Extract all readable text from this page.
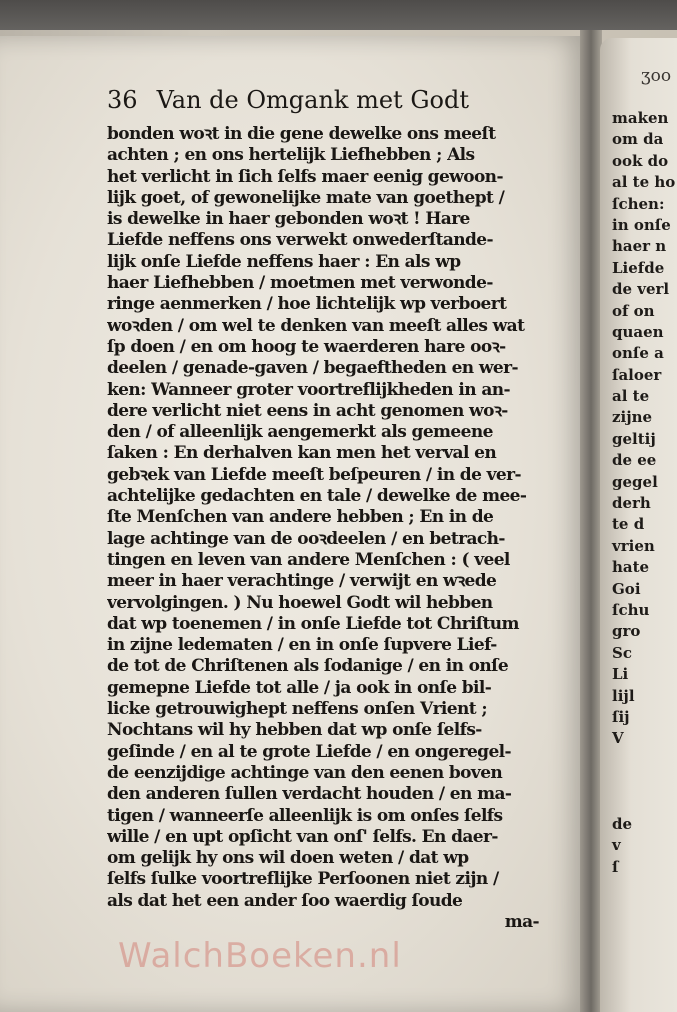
36 Van de Omgank met Godt
bonden woꝛt in die gene dewelke ons meeſt
achten ; en ons hertelijk Liefhebben ; Als
het verlicht in ſich ſelfs maer eenig gewoon-
lijk goet, of gewonelijke mate van goethept /
is dewelke in haer gebonden woꝛt ! Hare
Liefde neffens ons verwekt onwederſtande-
lijk onſe Liefde neffens haer : En als wp
haer Liefhebben / moetmen met verwonde-
ringe aenmerken / hoe lichtelijk wp verboert
woꝛden / om wel te denken van meeſt alles wat
ſp doen / en om hoog te waerderen hare ooꝛ-
deelen / genade-gaven / begaeftheden en wer-
ken: Wanneer groter voortreflijkheden in an-
dere verlicht niet eens in acht genomen woꝛ-
den / of alleenlijk aengemerkt als gemeene
ſaken : En derhalven kan men het verval en
gebꝛek van Liefde meeſt beſpeuren / in de ver-
achtelijke gedachten en tale / dewelke de mee-
ſte Menſchen van andere hebben ; En in de
lage achtinge van de ooꝛdeelen / en betrach-
tingen en leven van andere Menſchen : ( veel
meer in haer verachtinge / verwijt en wꝛede
vervolgingen. ) Nu hoewel Godt wil hebben
dat wp toenemen / in onſe Liefde tot Chriſtum
in zijne ledematen / en in onſe ſupvere Lief-
de tot de Chriſtenen als ſodanige / en in onſe
gemepne Liefde tot alle / ja ook in onſe bil-
licke getrouwighept neffens onſen Vrient ;
Nochtans wil hy hebben dat wp onſe ſelfs-
geſinde / en al te grote Liefde / en ongeregel-
de eenzijdige achtinge van den eenen boven
den anderen ſullen verdacht houden / en ma-
tigen / wanneerſe alleenlijk is om onſes ſelfs
wille / en upt opſicht van onſ' ſelfs. En daer-
om gelijk hy ons wil doen weten / dat wp
ſelfs ſulke voortreflijke Perſoonen niet zijn /
als dat het een ander ſoo waerdig ſoude
ma-
WalchBoeken.nl
ʒoo
maken
om da
ook do
al te ho
ſchen:
in onſe
haer n
Liefde
de verl
of on
quaen
onſe a
ſaloer
al te
zijne
geltij
de ee
gegel
derh
te d
vrien
hate
Goi
ſchu
gro
Sc
Li
lijl
ſij
V
de
v
ſ
